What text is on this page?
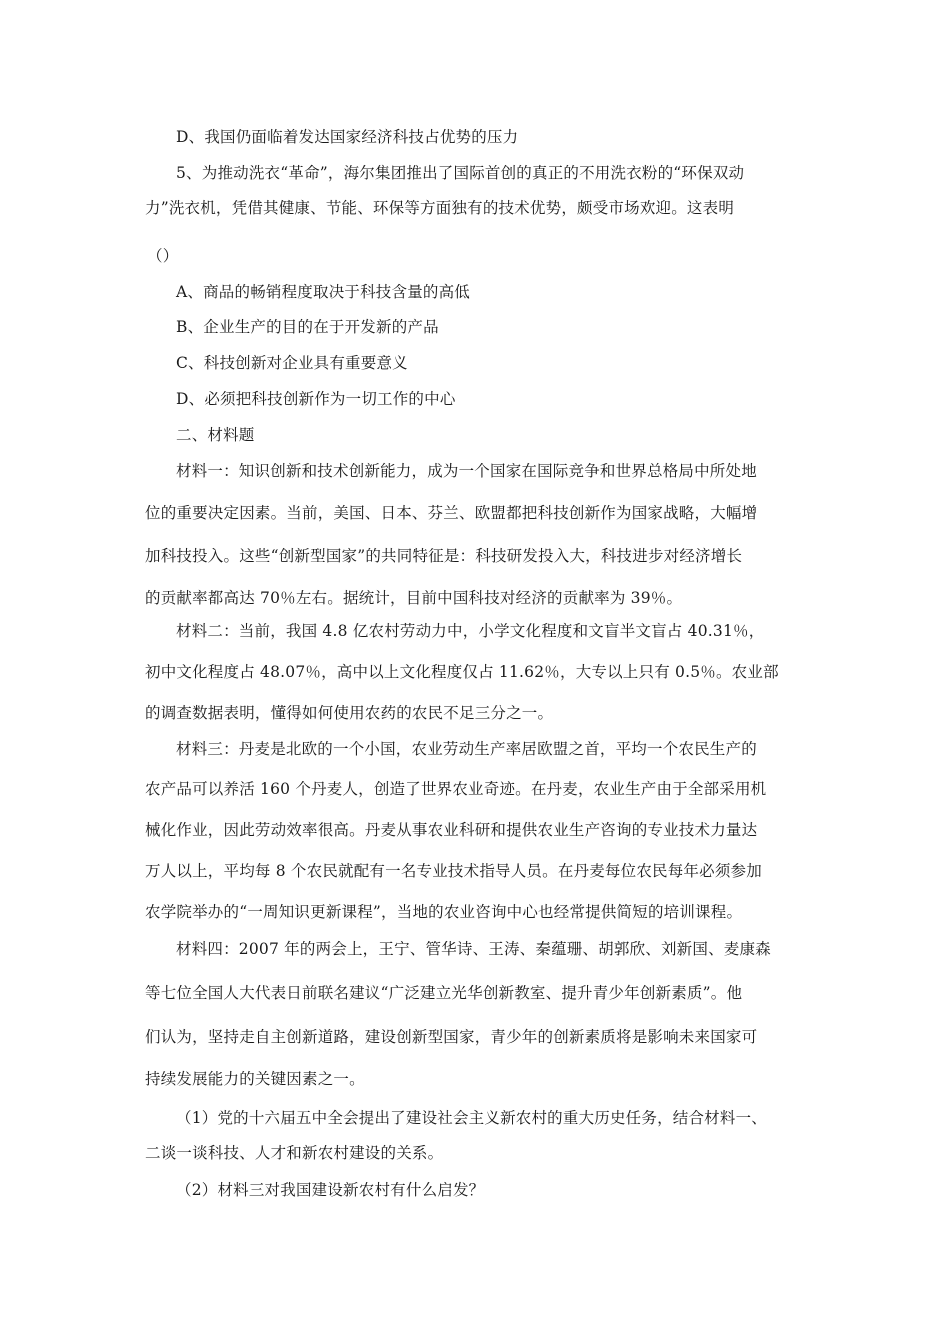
D、我国仍面临着发达国家经济科技占优势的压力
5、为推动洗衣“革命”，海尔集团推出了国际首创的真正的不用洗衣粉的“环保双动
力”洗衣机，凭借其健康、节能、环保等方面独有的技术优势，颇受市场欢迎。这表明
（）
A、商品的畅销程度取决于科技含量的高低
B、企业生产的目的在于开发新的产品
C、科技创新对企业具有重要意义
D、必须把科技创新作为一切工作的中心
二、材料题
材料一：知识创新和技术创新能力，成为一个国家在国际竞争和世界总格局中所处地
位的重要决定因素。当前，美国、日本、芬兰、欧盟都把科技创新作为国家战略，大幅增
加科技投入。这些“创新型国家”的共同特征是：科技研发投入大，科技进步对经济增长
的贡献率都高达 70％左右。据统计，目前中国科技对经济的贡献率为 39％。
材料二：当前，我国 4.8 亿农村劳动力中，小学文化程度和文盲半文盲占 40.31％，
初中文化程度占 48.07％，高中以上文化程度仅占 11.62％，大专以上只有 0.5％。农业部
的调查数据表明，懂得如何使用农药的农民不足三分之一。
材料三：丹麦是北欧的一个小国，农业劳动生产率居欧盟之首，平均一个农民生产的
农产品可以养活 160 个丹麦人，创造了世界农业奇迹。在丹麦，农业生产由于全部采用机
械化作业，因此劳动效率很高。丹麦从事农业科研和提供农业生产咨询的专业技术力量达
万人以上，平均每 8 个农民就配有一名专业技术指导人员。在丹麦每位农民每年必须参加
农学院举办的“一周知识更新课程”，当地的农业咨询中心也经常提供简短的培训课程。
材料四：2007 年的两会上，王宁、管华诗、王涛、秦蕴珊、胡郭欣、刘新国、麦康森
等七位全国人大代表日前联名建议“广泛建立光华创新教室、提升青少年创新素质”。他
们认为，坚持走自主创新道路，建设创新型国家，青少年的创新素质将是影响未来国家可
持续发展能力的关键因素之一。
（1）党的十六届五中全会提出了建设社会主义新农村的重大历史任务，结合材料一、
二谈一谈科技、人才和新农村建设的关系。
（2）材料三对我国建设新农村有什么启发？
